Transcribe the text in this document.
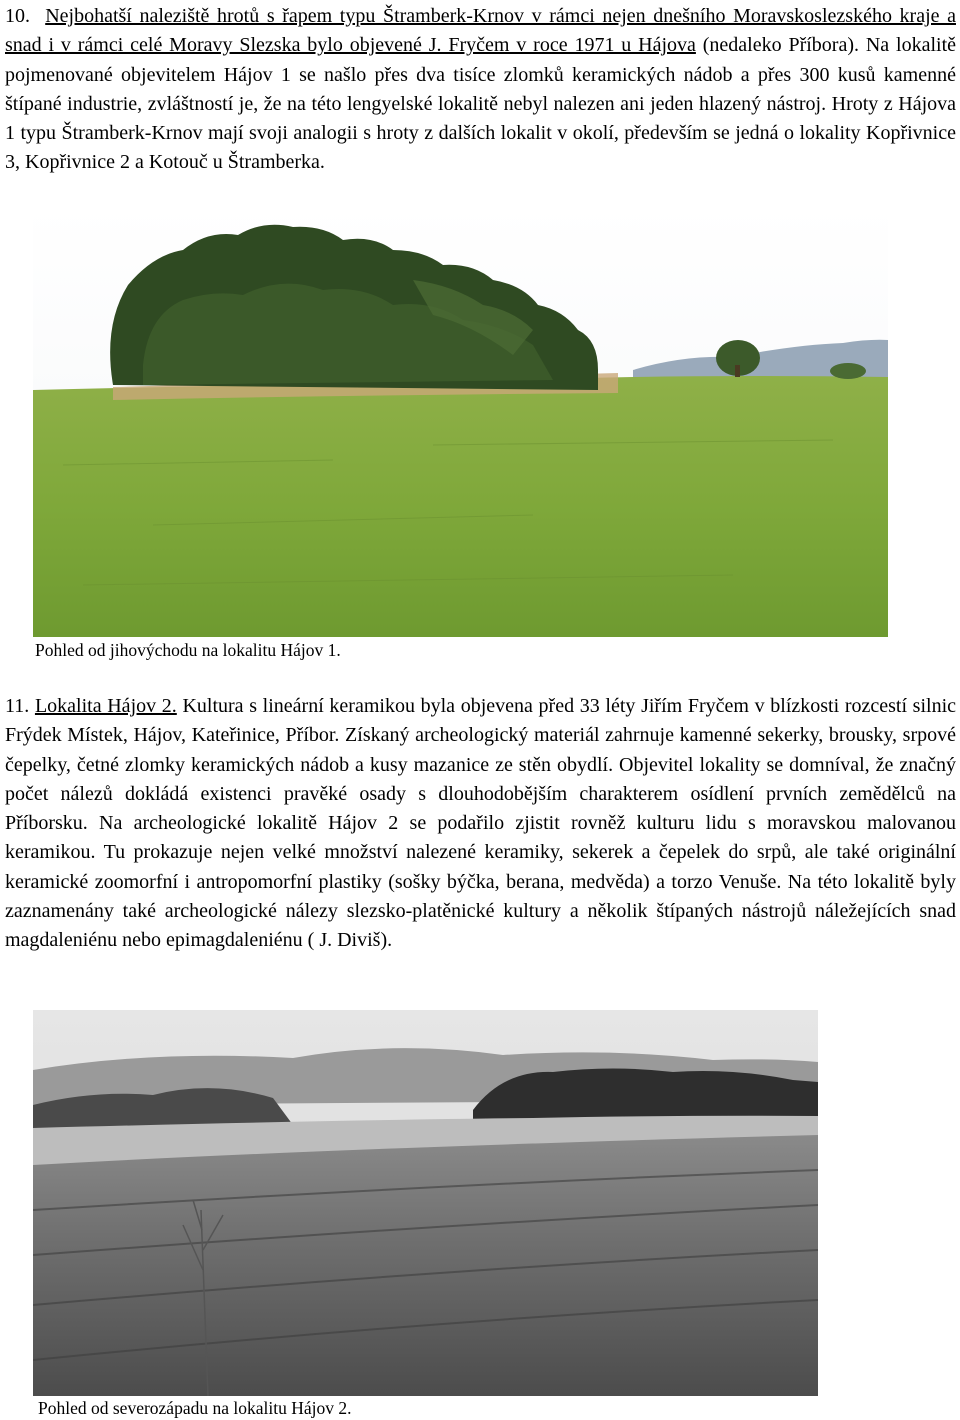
10. Nejbohatší naleziště hrotů s řapem typu Štramberk-Krnov v rámci nejen dnešního Moravskoslezského kraje a snad i v rámci celé Moravy Slezska bylo objevené J. Fryčem v roce 1971 u Hájova (nedaleko Příbora). Na lokalitě pojmenované objevitelem Hájov 1 se našlo přes dva tisíce zlomků keramických nádob a přes 300 kusů kamenné štípané industrie, zvláštností je, že na této lengyelské lokalitě nebyl nalezen ani jeden hlazený nástroj. Hroty z Hájova 1 typu Štramberk-Krnov mají svoji analogii s hroty z dalších lokalit v okolí, především se jedná o lokality Kopřivnice 3, Kopřivnice 2 a Kotouč u Štramberka.

Pohled od jihovýchodu na lokalitu Hájov 1.

11. Lokalita Hájov 2. Kultura s lineární keramikou byla objevena před 33 léty Jiřím Fryčem v blízkosti rozcestí silnic Frýdek Místek, Hájov, Kateřinice, Příbor. Získaný archeologický materiál zahrnuje kamenné sekerky, brousky, srpové čepelky, četné zlomky keramických nádob a kusy mazanice ze stěn obydlí. Objevitel lokality se domníval, že značný počet nálezů dokládá existenci pravěké osady s dlouhodobějším charakterem osídlení prvních zemědělců na Příborsku. Na archeologické lokalitě Hájov 2 se podařilo zjistit rovněž kulturu lidu s moravskou malovanou keramikou. Tu prokazuje nejen velké množství nalezené keramiky, sekerek a čepelek do srpů, ale také originální keramické zoomorfní i antropomorfní plastiky (sošky býčka, berana, medvěda) a torzo Venuše. Na této lokalitě byly zaznamenány také archeologické nálezy slezsko-platěnické kultury a několik štípaných nástrojů náležejících snad magdaleniénu nebo epimagdaleniénu ( J. Diviš).

Pohled od severozápadu na lokalitu Hájov 2.
